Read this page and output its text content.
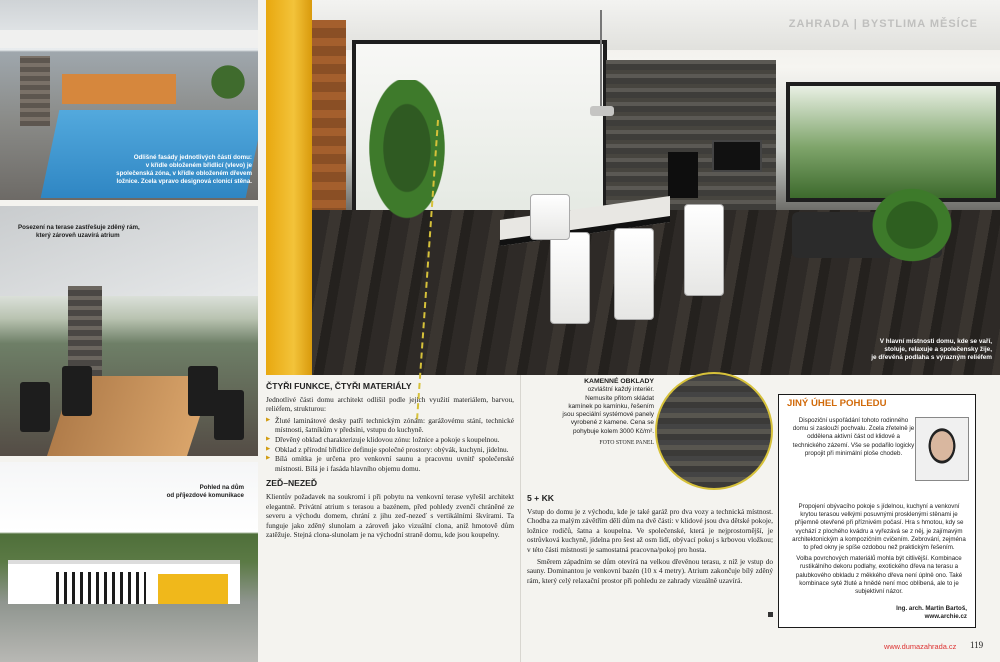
Odlišné fasády jednotlivých částí domu:
v křídle obloženém břidlicí (vlevo) je
společenská zóna, v křídle obloženém dřevem
ložnice. Zcela vpravo designová clonicí stěna.
Posezení na terase zastřešuje zděný rám,
který zároveň uzavírá atrium
Pohled na dům
od příjezdové komunikace
ZAHRADA | BYSTLIMA MĚSÍCE
V hlavní místnosti domu, kde se vaří,
stoluje, relaxuje a společensky žije,
je dřevěná podlaha s výrazným reliéfem
ČTYŘI FUNKCE, ČTYŘI MATERIÁLY
Jednotlivé části domu architekt odlišil podle jejich využití materiálem, barvou, reliéfem, strukturou:
▶ Žluté laminátové desky patří technickým zónám: garážovému stání, technické místnosti, šatníkům v předsíni, vstupu do kuchyně.
▶ Dřevěný obklad charakterizuje klidovou zónu: ložnice a pokoje s koupelnou.
▶ Obklad z přírodní břidlice definuje společné prostory: obývák, kuchyni, jídelnu.
▶ Bílá omítka je určena pro venkovní saunu a pracovnu uvnitř společenské místnosti. Bílá je i fasáda hlavního objemu domu.
ZEĎ–NEZEĎ
Klientův požadavek na soukromí i při pobytu na venkovní terase vyřešil architekt elegantně. Privátní atrium s terasou a bazénem, před pohledy zvenčí chráněné ze severu a východu domem, chrání z jihu zeď-nezeď s vertikálními škvírami. Ta funguje jako zděný slunolam a zároveň jako vizuální clona, aniž hmotově dům zatěžuje. Stejná clona-slunolam je na východní straně domu, kde jsou koupelny.
KAMENNÉ OBKLADY
ozvláštní každý interiér.
Nemusíte přitom skládat
kamínek po kamínku, řešením
jsou speciální systémové panely
vyrobené z kamene. Cena se
pohybuje kolem 3000 Kč/m².
FOTO STONE PANEL
5 + KK
Vstup do domu je z východu, kde je také garáž pro dva vozy a technická místnost. Chodba za malým závětřím dělí dům na dvě části: v klidové jsou dva dětské pokoje, ložnice rodičů, šatna a koupelna. Ve společenské, která je nejprostornější, je ostrůvková kuchyně, jídelna pro šest až osm lidí, obývací pokoj s krbovou vložkou; v této části místnosti je samostatná pracovna/pokoj pro hosta.
Směrem západním se dům otevírá na velkou dřevěnou terasu, z níž je vstup do sauny. Dominantou je venkovní bazén (10 x 4 metry). Atrium zakončuje bílý zděný rám, který celý relaxační prostor při pohledu ze zahrady vizuálně uzavírá.
JINÝ ÚHEL POHLEDU
Dispoziční uspořádání tohoto rodinného domu si zaslouží pochvalu. Zcela zřetelně je oddělena aktivní část od klidové a technického zázemí. Vše se podařilo logicky propojit při minimální ploše chodeb.
Propojení obývacího pokoje s jídelnou, kuchyní a venkovní krytou terasou velkými posuvnými prosklenými stěnami je příjemně otevřené při příznivém počasí. Hra s hmotou, kdy se vychází z plochého kvádru a vyřezává se z něj, je zajímavým architektonickým a kompozičním cvičením. Zebrování, zejména to před okny je spíše ozdobou než praktickým řešením.
Volba povrchových materiálů mohla být citlivější. Kombinace rustikálního dekoru podlahy, exotického dřeva na terasu a palubkového obkladu z měkkého dřeva není úplně ono. Také kombinace syté žluté a hnědé není moc oblíbená, ale to je subjektivní názor.
Ing. arch. Martin Bartoš,
www.archie.cz
www.dumazahrada.cz 119
